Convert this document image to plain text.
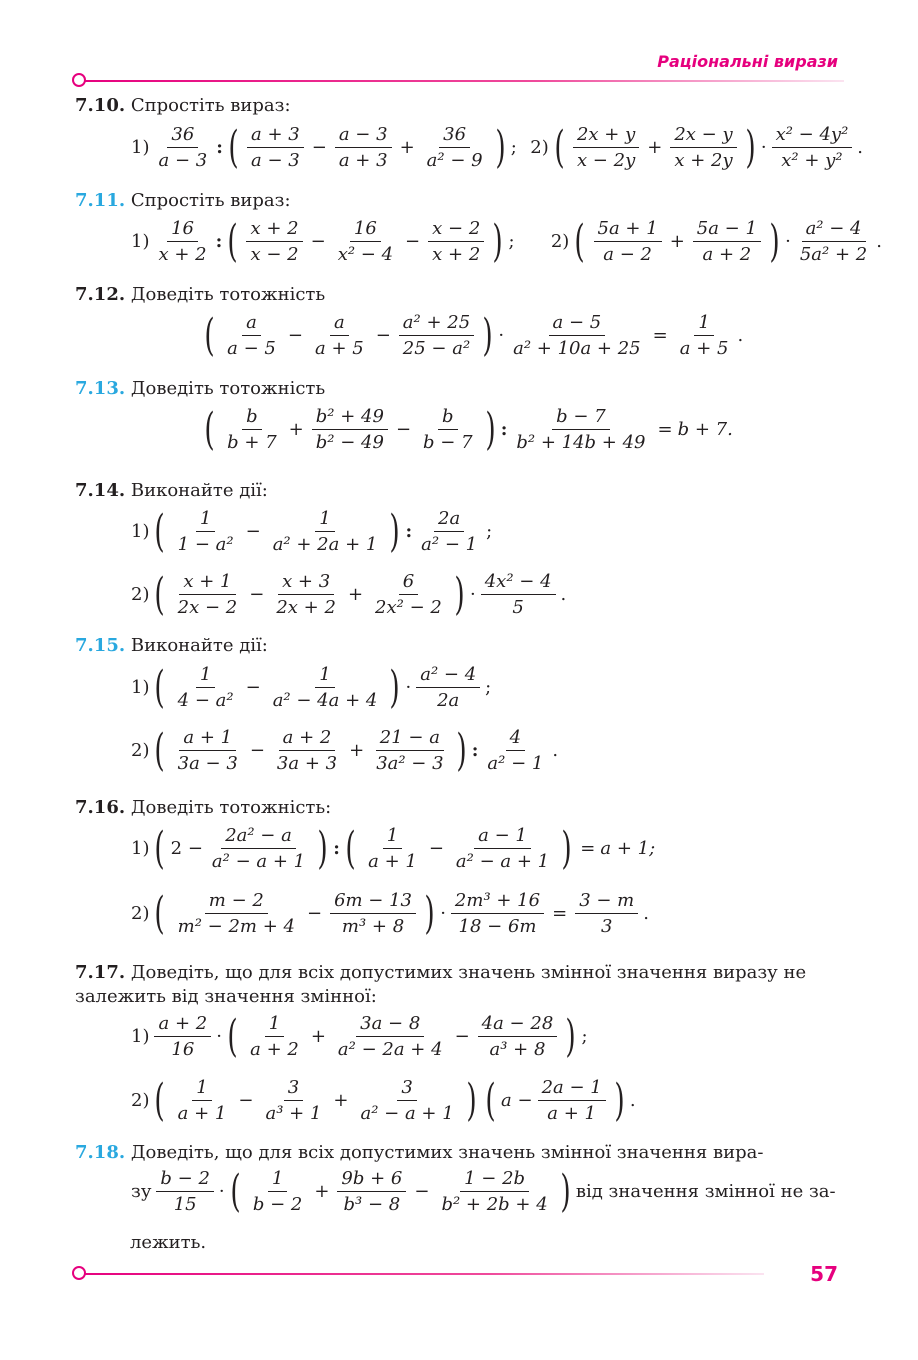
Раціональні вирази
7.10. Спростіть вираз:
$1) \frac{36}{a - 3}$ : ( $\frac{a + 3}{a - 3} - \frac{a - 3}{a + 3} + \frac{36}{\text{a² − 9}}$ ) ; 2) ( $\frac{2x + y}{x - 2y} + \frac{2x - y}{x + 2y}$ ) · $\frac{\text{x² − 4y²}}{\text{x² + y²}}$ .
7.11. Спростіть вираз:
$1) \frac{16}{x + 2}$ : ( $\frac{x + 2}{x - 2} - \frac{16}{\text{x² − 4}} - \frac{x - 2}{x + 2}$ ) ; 2) ( $\frac{5a + 1}{a - 2} + \frac{5a - 1}{a + 2}$ ) · $\frac{\text{a² − 4}}{\text{5a² + 2}}$ .
7.12. Доведіть тотожність
( $\frac{a}{a - 5} - \frac{a}{a + 5} - \frac{\text{a² + 25}}{\text{25 − a²}}$ ) · $\frac{a - 5}{\text{a² + 10a + 25}} = \frac{1}{a + 5}$ .
7.13. Доведіть тотожність
( $\frac{b}{b + 7} + \frac{\text{b² + 49}}{\text{b² − 49}} - \frac{b}{b - 7}$ ) : $\frac{b - 7}{\text{b² + 14b + 49}} = b + 7$.
7.14. Виконайте дії:
1) ( $\frac{1}{\text{1 − a²}} - \frac{1}{\text{a² + 2a + 1}}$ ) : $\frac{2a}{\text{a² − 1}}$ ;
2) ( $\frac{x + 1}{2x - 2} - \frac{x + 3}{2x + 2} + \frac{6}{\text{2x² − 2}}$ ) · $\frac{\text{4x² − 4}}{5}$ .
7.15. Виконайте дії:
1) ( $\frac{1}{\text{4 − a²}} - \frac{1}{\text{a² − 4a + 4}}$ ) · $\frac{\text{a² − 4}}{2a}$ ;
2) ( $\frac{a + 1}{3a - 3} - \frac{a + 2}{3a + 3} + \frac{21 - a}{\text{3a² − 3}}$ ) : $\frac{4}{\text{a² − 1}}$ .
7.16. Доведіть тотожність:
1) ( $2 - \frac{\text{2a² − a}}{\text{a² − a + 1}}$ ) : ( $\frac{1}{a + 1} - \frac{a - 1}{\text{a² − a + 1}}$ ) = a + 1;
2) ( $\frac{m - 2}{\text{m² − 2m + 4}} - \frac{6m - 13}{\text{m³ + 8}}$ ) · $\frac{\text{2m³ + 16}}{18 - 6m} = \frac{3 - m}{3}$ .
7.17. Доведіть, що для всіх допустимих значень змінної значення виразу не залежить від значення змінної:
$1) \frac{a + 2}{16}$ · ( $\frac{1}{a + 2} + \frac{3a - 8}{\text{a² − 2a + 4}} - \frac{4a - 28}{\text{a³ + 8}}$ ) ;
2) ( $\frac{1}{a + 1} - \frac{3}{\text{a³ + 1}} + \frac{3}{\text{a² − a + 1}}$ ) ( $a - \frac{2a - 1}{a + 1}$ ) .
7.18. Доведіть, що для всіх допустимих значень змінної значення вира-
зу $\frac{b - 2}{15}$ · ( $\frac{1}{b - 2} + \frac{9b + 6}{\text{b³ − 8}} - \frac{1 - 2b}{\text{b² + 2b + 4}}$ ) від значення змінної не за-
лежить.
57
